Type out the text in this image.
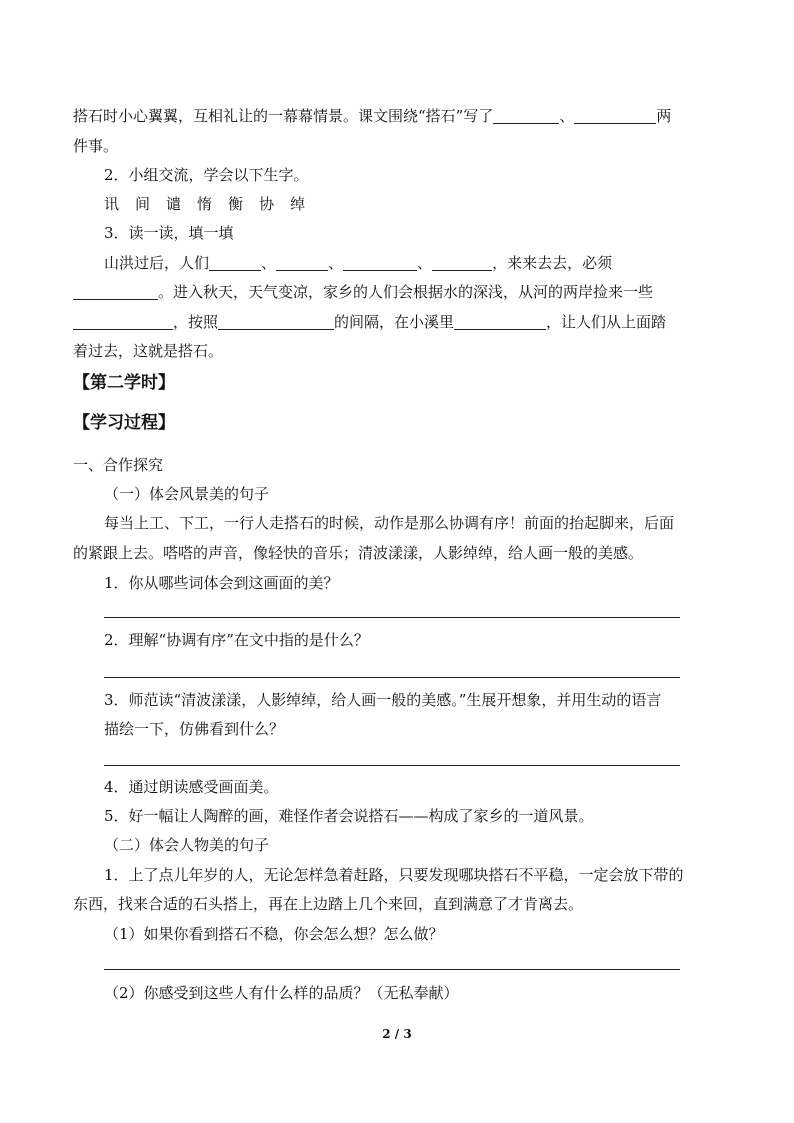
搭石时小心翼翼，互相礼让的一幕幕情景。课文围绕“搭石”写了	、	两
件事。
2．小组交流，学会以下生字。
讯 间 谴 惰 衡 协 绰
3．读一读，填一填
山洪过后，人们	、	、	、	，来来去去，必须
。进入秋天，天气变凉，家乡的人们会根据水的深浅，从河的两岸捡来一些
，按照	的间隔，在小溪里	，让人们从上面踏
着过去，这就是搭石。
【第二学时】
【学习过程】
一、合作探究
（一）体会风景美的句子
每当上工、下工，一行人走搭石的时候，动作是那么协调有序！前面的抬起脚来，后面
的紧跟上去。嗒嗒的声音，像轻快的音乐；清波漾漾，人影绰绰，给人画一般的美感。
1．你从哪些词体会到这画面的美？
2．理解“协调有序”在文中指的是什么？
3．师范读“清波漾漾，人影绰绰，给人画一般的美感。”生展开想象，并用生动的语言
描绘一下，仿佛看到什么？
4．通过朗读感受画面美。
5．好一幅让人陶醉的画，难怪作者会说搭石——构成了家乡的一道风景。
（二）体会人物美的句子
1．上了点儿年岁的人，无论怎样急着赶路，只要发现哪块搭石不平稳，一定会放下带的
东西，找来合适的石头搭上，再在上边踏上几个来回，直到满意了才肯离去。
（1）如果你看到搭石不稳，你会怎么想？怎么做？
（2）你感受到这些人有什么样的品质？（无私奉献）
2 / 3
